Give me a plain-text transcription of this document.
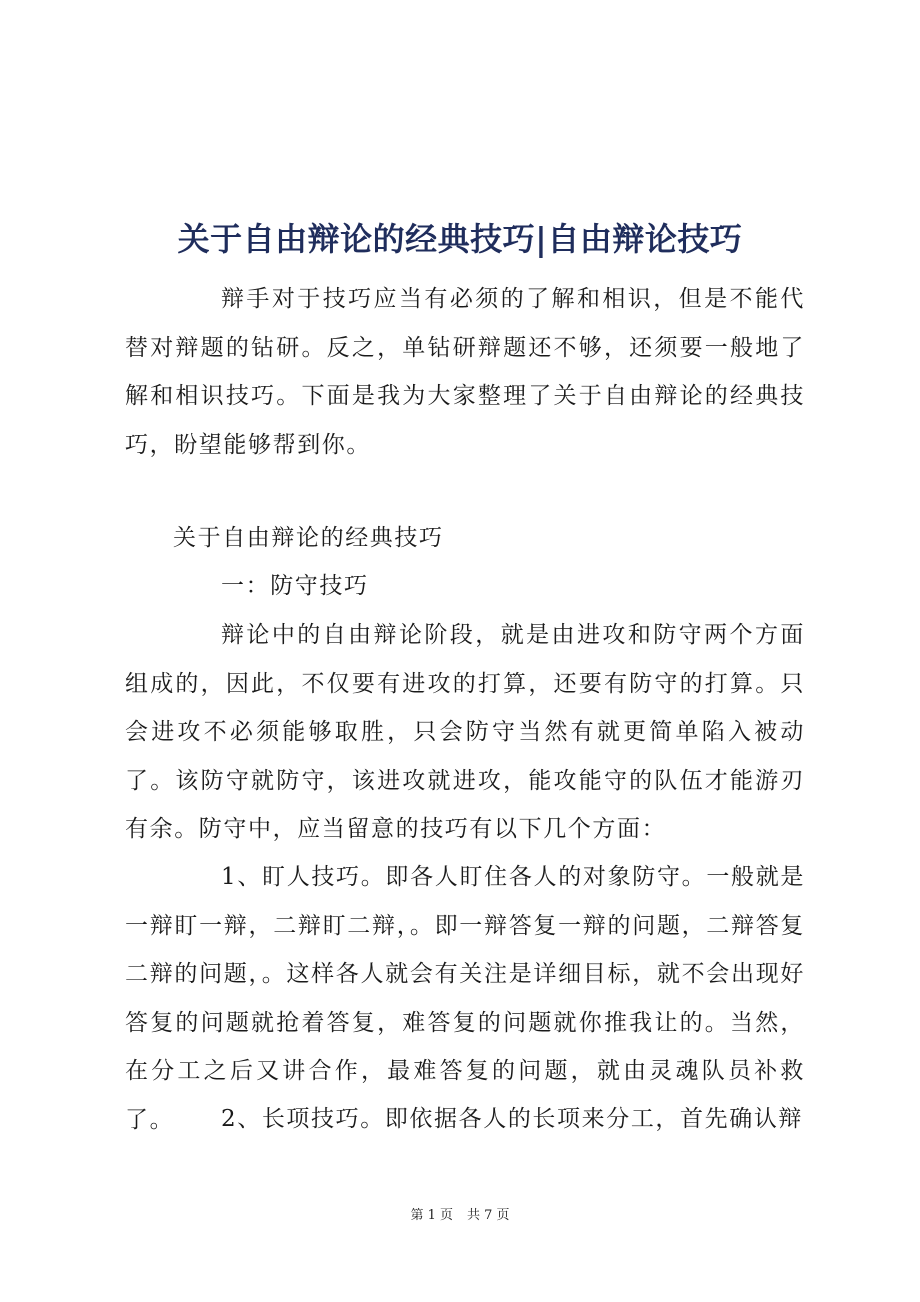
关于自由辩论的经典技巧|自由辩论技巧

辩手对于技巧应当有必须的了解和相识，但是不能代替对辩题的钻研。反之，单钻研辩题还不够，还须要一般地了解和相识技巧。下面是我为大家整理了关于自由辩论的经典技巧，盼望能够帮到你。

关于自由辩论的经典技巧

一：防守技巧

辩论中的自由辩论阶段，就是由进攻和防守两个方面组成的，因此，不仅要有进攻的打算，还要有防守的打算。只会进攻不必须能够取胜，只会防守当然有就更简单陷入被动了。该防守就防守，该进攻就进攻，能攻能守的队伍才能游刃有余。防守中，应当留意的技巧有以下几个方面：

1、盯人技巧。即各人盯住各人的对象防守。一般就是一辩盯一辩，二辩盯二辩，。即一辩答复一辩的问题，二辩答复二辩的问题，。这样各人就会有关注是详细目标，就不会出现好答复的问题就抢着答复，难答复的问题就你推我让的。当然，在分工之后又讲合作，最难答复的问题，就由灵魂队员补救了。	2、长项技巧。即依据各人的长项来分工，首先确认辩

第 1 页 共 7 页
